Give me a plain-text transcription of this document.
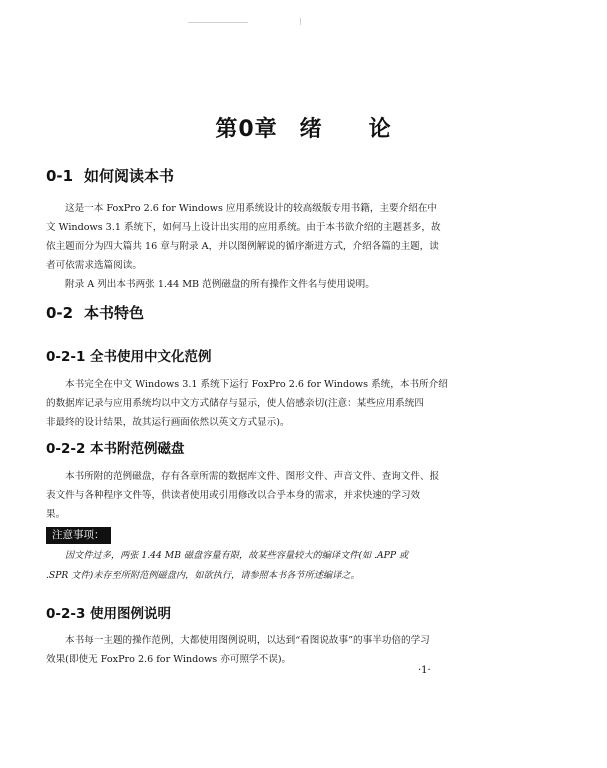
第0章 绪 论
0-1 如何阅读本书
这是一本 FoxPro 2.6 for Windows 应用系统设计的较高级版专用书籍，主要介绍在中
文 Windows 3.1 系统下，如何马上设计出实用的应用系统。由于本书欲介绍的主题甚多，故
依主题而分为四大篇共 16 章与附录 A，并以图例解说的循序渐进方式，介绍各篇的主题，读
者可依需求选篇阅读。
附录 A 列出本书两张 1.44 MB 范例磁盘的所有操作文件名与使用说明。
0-2 本书特色
0-2-1 全书使用中文化范例
本书完全在中文 Windows 3.1 系统下运行 FoxPro 2.6 for Windows 系统，本书所介绍
的数据库记录与应用系统均以中文方式储存与显示，使人倍感亲切(注意：某些应用系统四
非最终的设计结果，故其运行画面依然以英文方式显示)。
0-2-2 本书附范例磁盘
本书所附的范例磁盘，存有各章所需的数据库文件、图形文件、声音文件、查询文件、报
表文件与各种程序文件等，供读者使用或引用修改以合乎本身的需求，并求快速的学习效
果。
注意事项：
因文件过多，两张 1.44 MB 磁盘容量有限，故某些容量较大的编译文件(如 .APP 或
.SPR 文件)未存至所附范例磁盘内，如欲执行，请参照本书各节所述编译之。
0-2-3 使用图例说明
本书每一主题的操作范例，大都使用图例说明，以达到“看图说故事”的事半功倍的学习
效果(即使无 FoxPro 2.6 for Windows 亦可照学不误)。
·1·
